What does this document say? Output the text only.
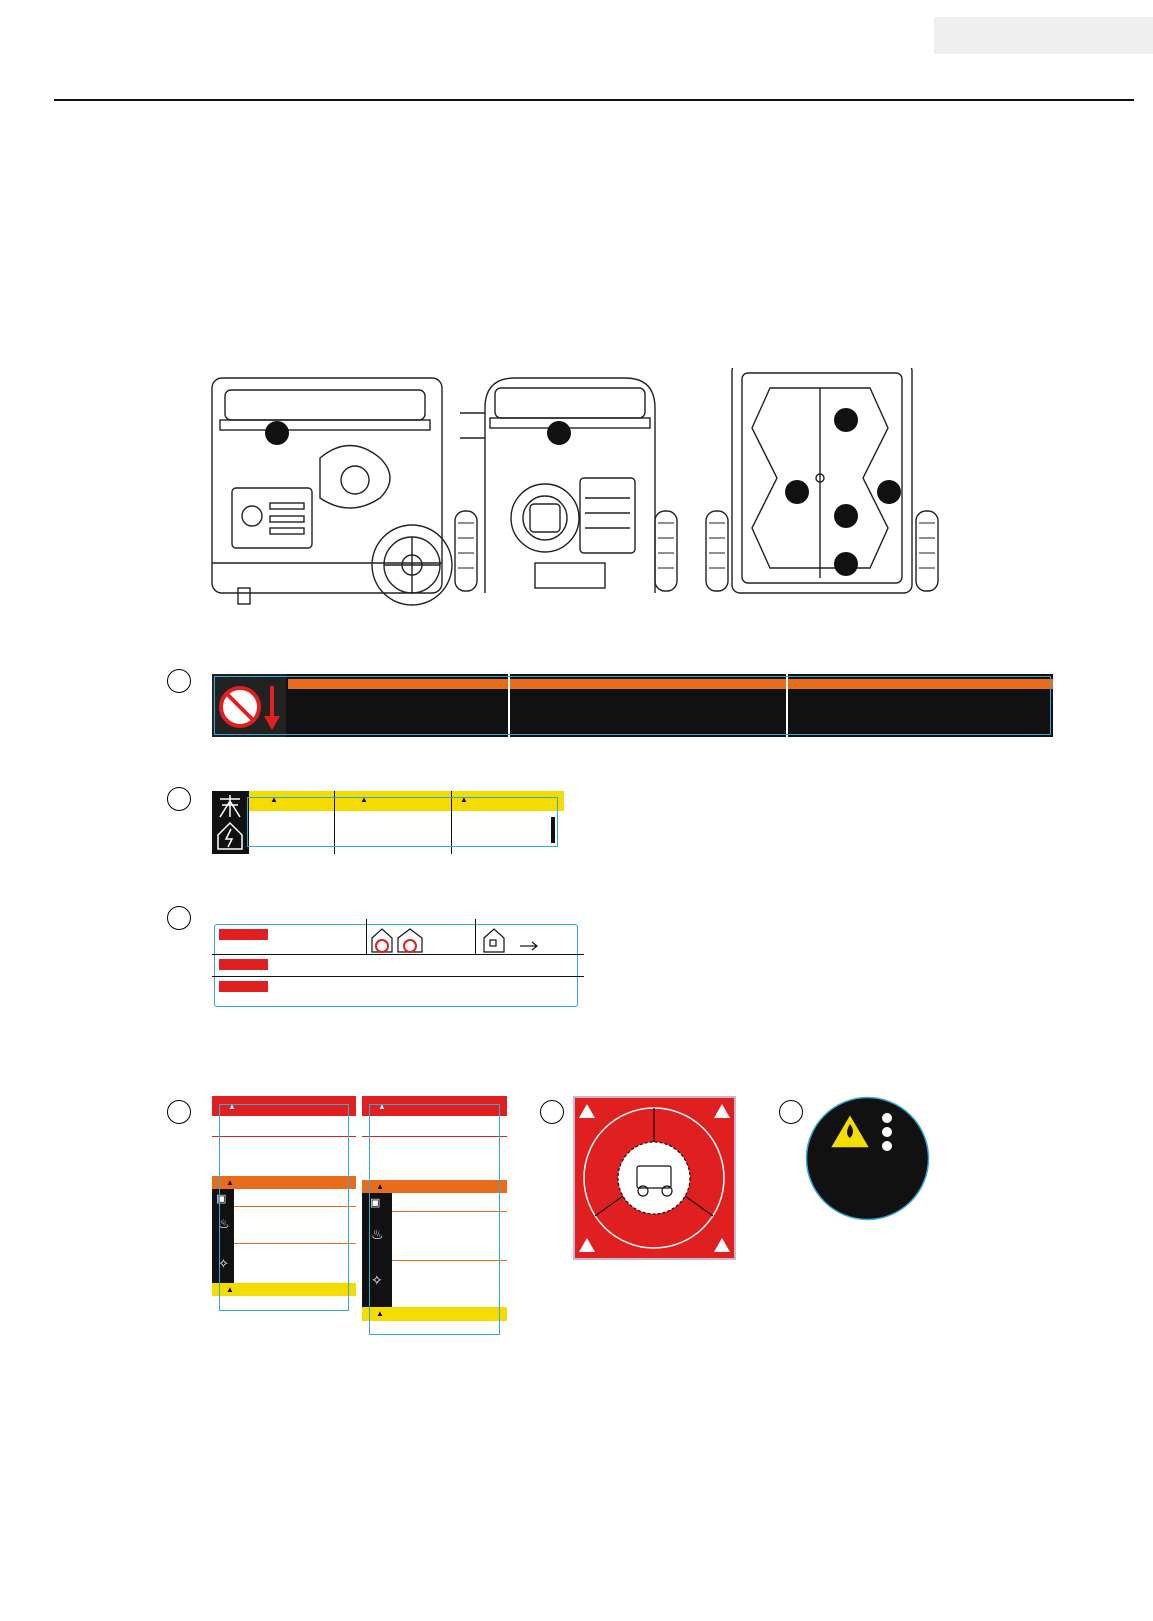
▲	▲	▲
▲
▲
▣
♨
✧
▲
▲
▲
▣
♨
✧
▲
